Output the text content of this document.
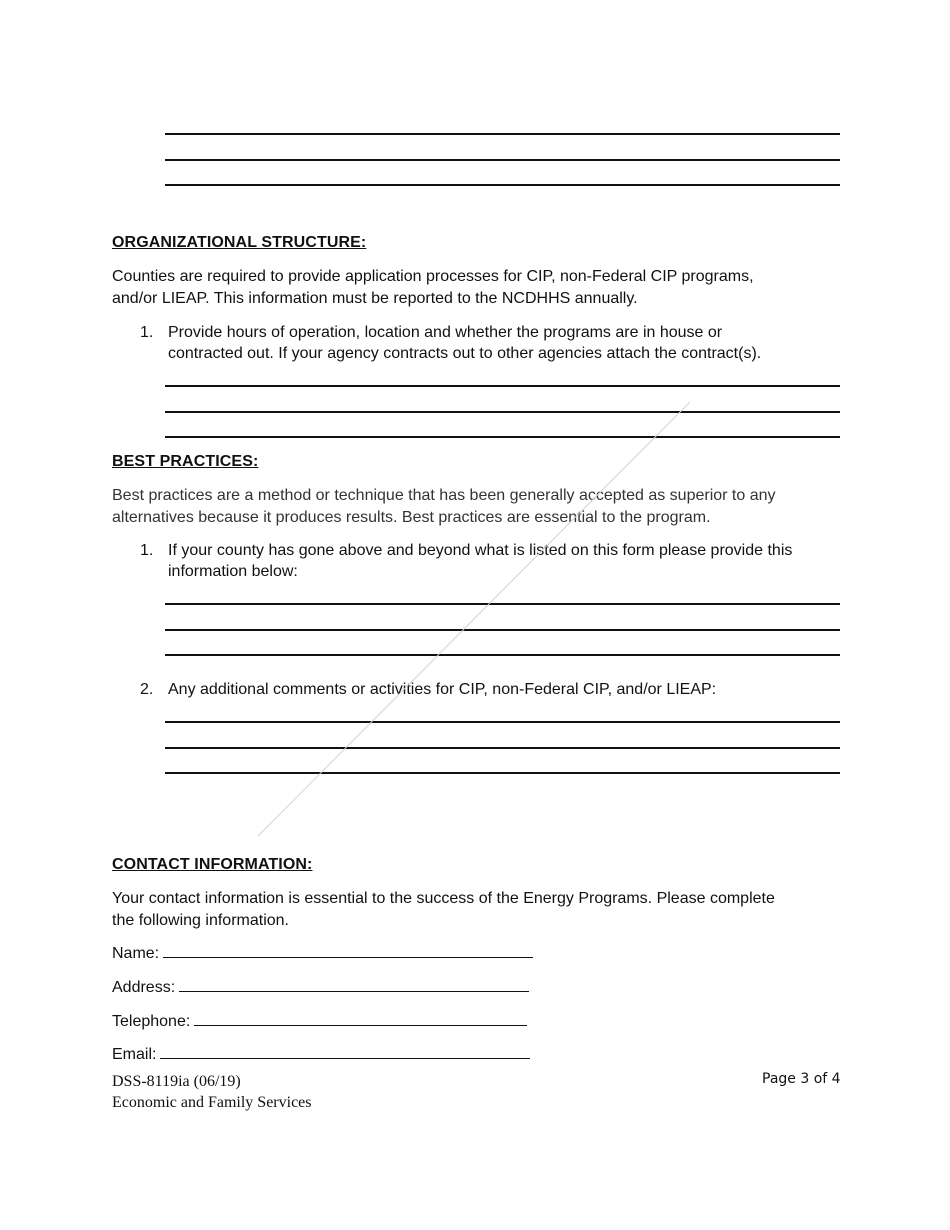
ORGANIZATIONAL STRUCTURE:
Counties are required to provide application processes for CIP, non-Federal CIP programs,
and/or LIEAP. This information must be reported to the NCDHHS annually.
1. Provide hours of operation, location and whether the programs are in house or
contracted out. If your agency contracts out to other agencies attach the contract(s).
BEST PRACTICES:
Best practices are a method or technique that has been generally accepted as superior to any
alternatives because it produces results. Best practices are essential to the program.
1. If your county has gone above and beyond what is listed on this form please provide this
information below:
2. Any additional comments or activities for CIP, non-Federal CIP, and/or LIEAP:
CONTACT INFORMATION:
Your contact information is essential to the success of the Energy Programs. Please complete
the following information.
Name:
Address:
Telephone:
Email:
DSS-8119ia (06/19)
Economic and Family Services
Page 3 of 4
